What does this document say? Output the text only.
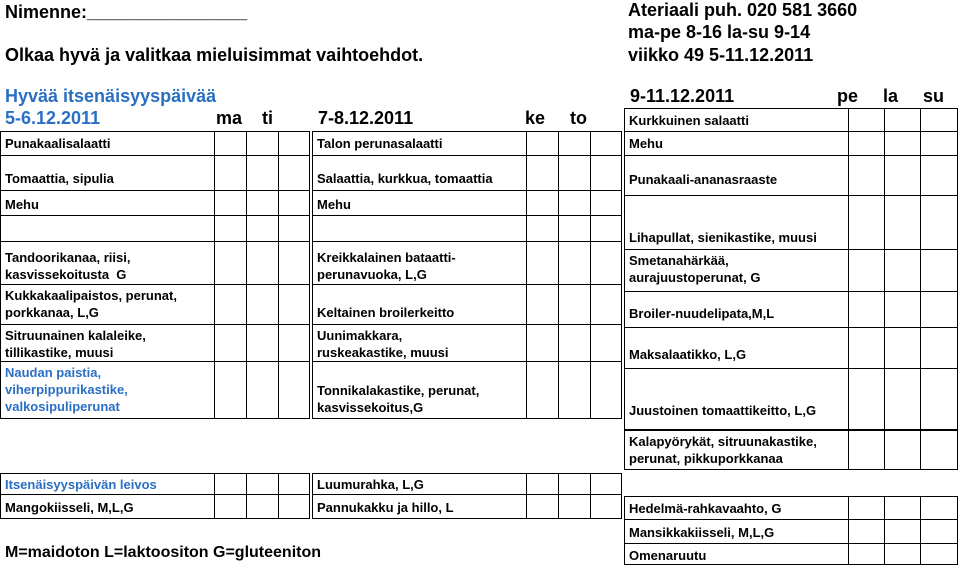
Nimenne:________________	Ateriaali puh. 020 581 3660
ma-pe 8-16 la-su 9-14
Olkaa hyvä ja valitkaa mieluisimmat vaihtoehdot.	viikko 49 5-11.12.2011
Hyvää itsenäisyyspäivää
5-6.12.2011	ma ti	7-8.12.2011	ke to
9-11.12.2011	pe la su
Punakaalisalaatti
Tomaattia, sipulia
Mehu
Tandoorikanaa, riisi,
kasvissekoitusta  G
Kukkakaalipaistos, perunat,
porkkanaa, L,G
Sitruunainen kalaleike,
tillikastike, muusi
Naudan paistia,
viherpippurikastike,
valkosipuliperunat
Itsenäisyyspäivän leivos
Mangokiisseli, M,L,G
Talon perunasalaatti
Salaattia, kurkkua, tomaattia
Mehu
Kreikkalainen bataatti-
perunavuoka, L,G
Keltainen broilerkeitto
Uunimakkara,
ruskeakastike, muusi
Tonnikalakastike, perunat,
kasvissekoitus,G
Luumurahka, L,G
Pannukakku ja hillo, L
Kurkkuinen salaatti
Mehu
Punakaali-ananasraaste
Lihapullat, sienikastike, muusi
Smetanahärkää,
aurajuustoperunat, G
Broiler-nuudelipata,M,L
Maksalaatikko, L,G
Juustoinen tomaattikeitto, L,G
Kalapyörykät, sitruunakastike,
perunat, pikkuporkkanaa
Hedelmä-rahkavaahto, G
Mansikkakiisseli, M,L,G
Omenaruutu
M=maidoton L=laktoositon G=gluteeniton
